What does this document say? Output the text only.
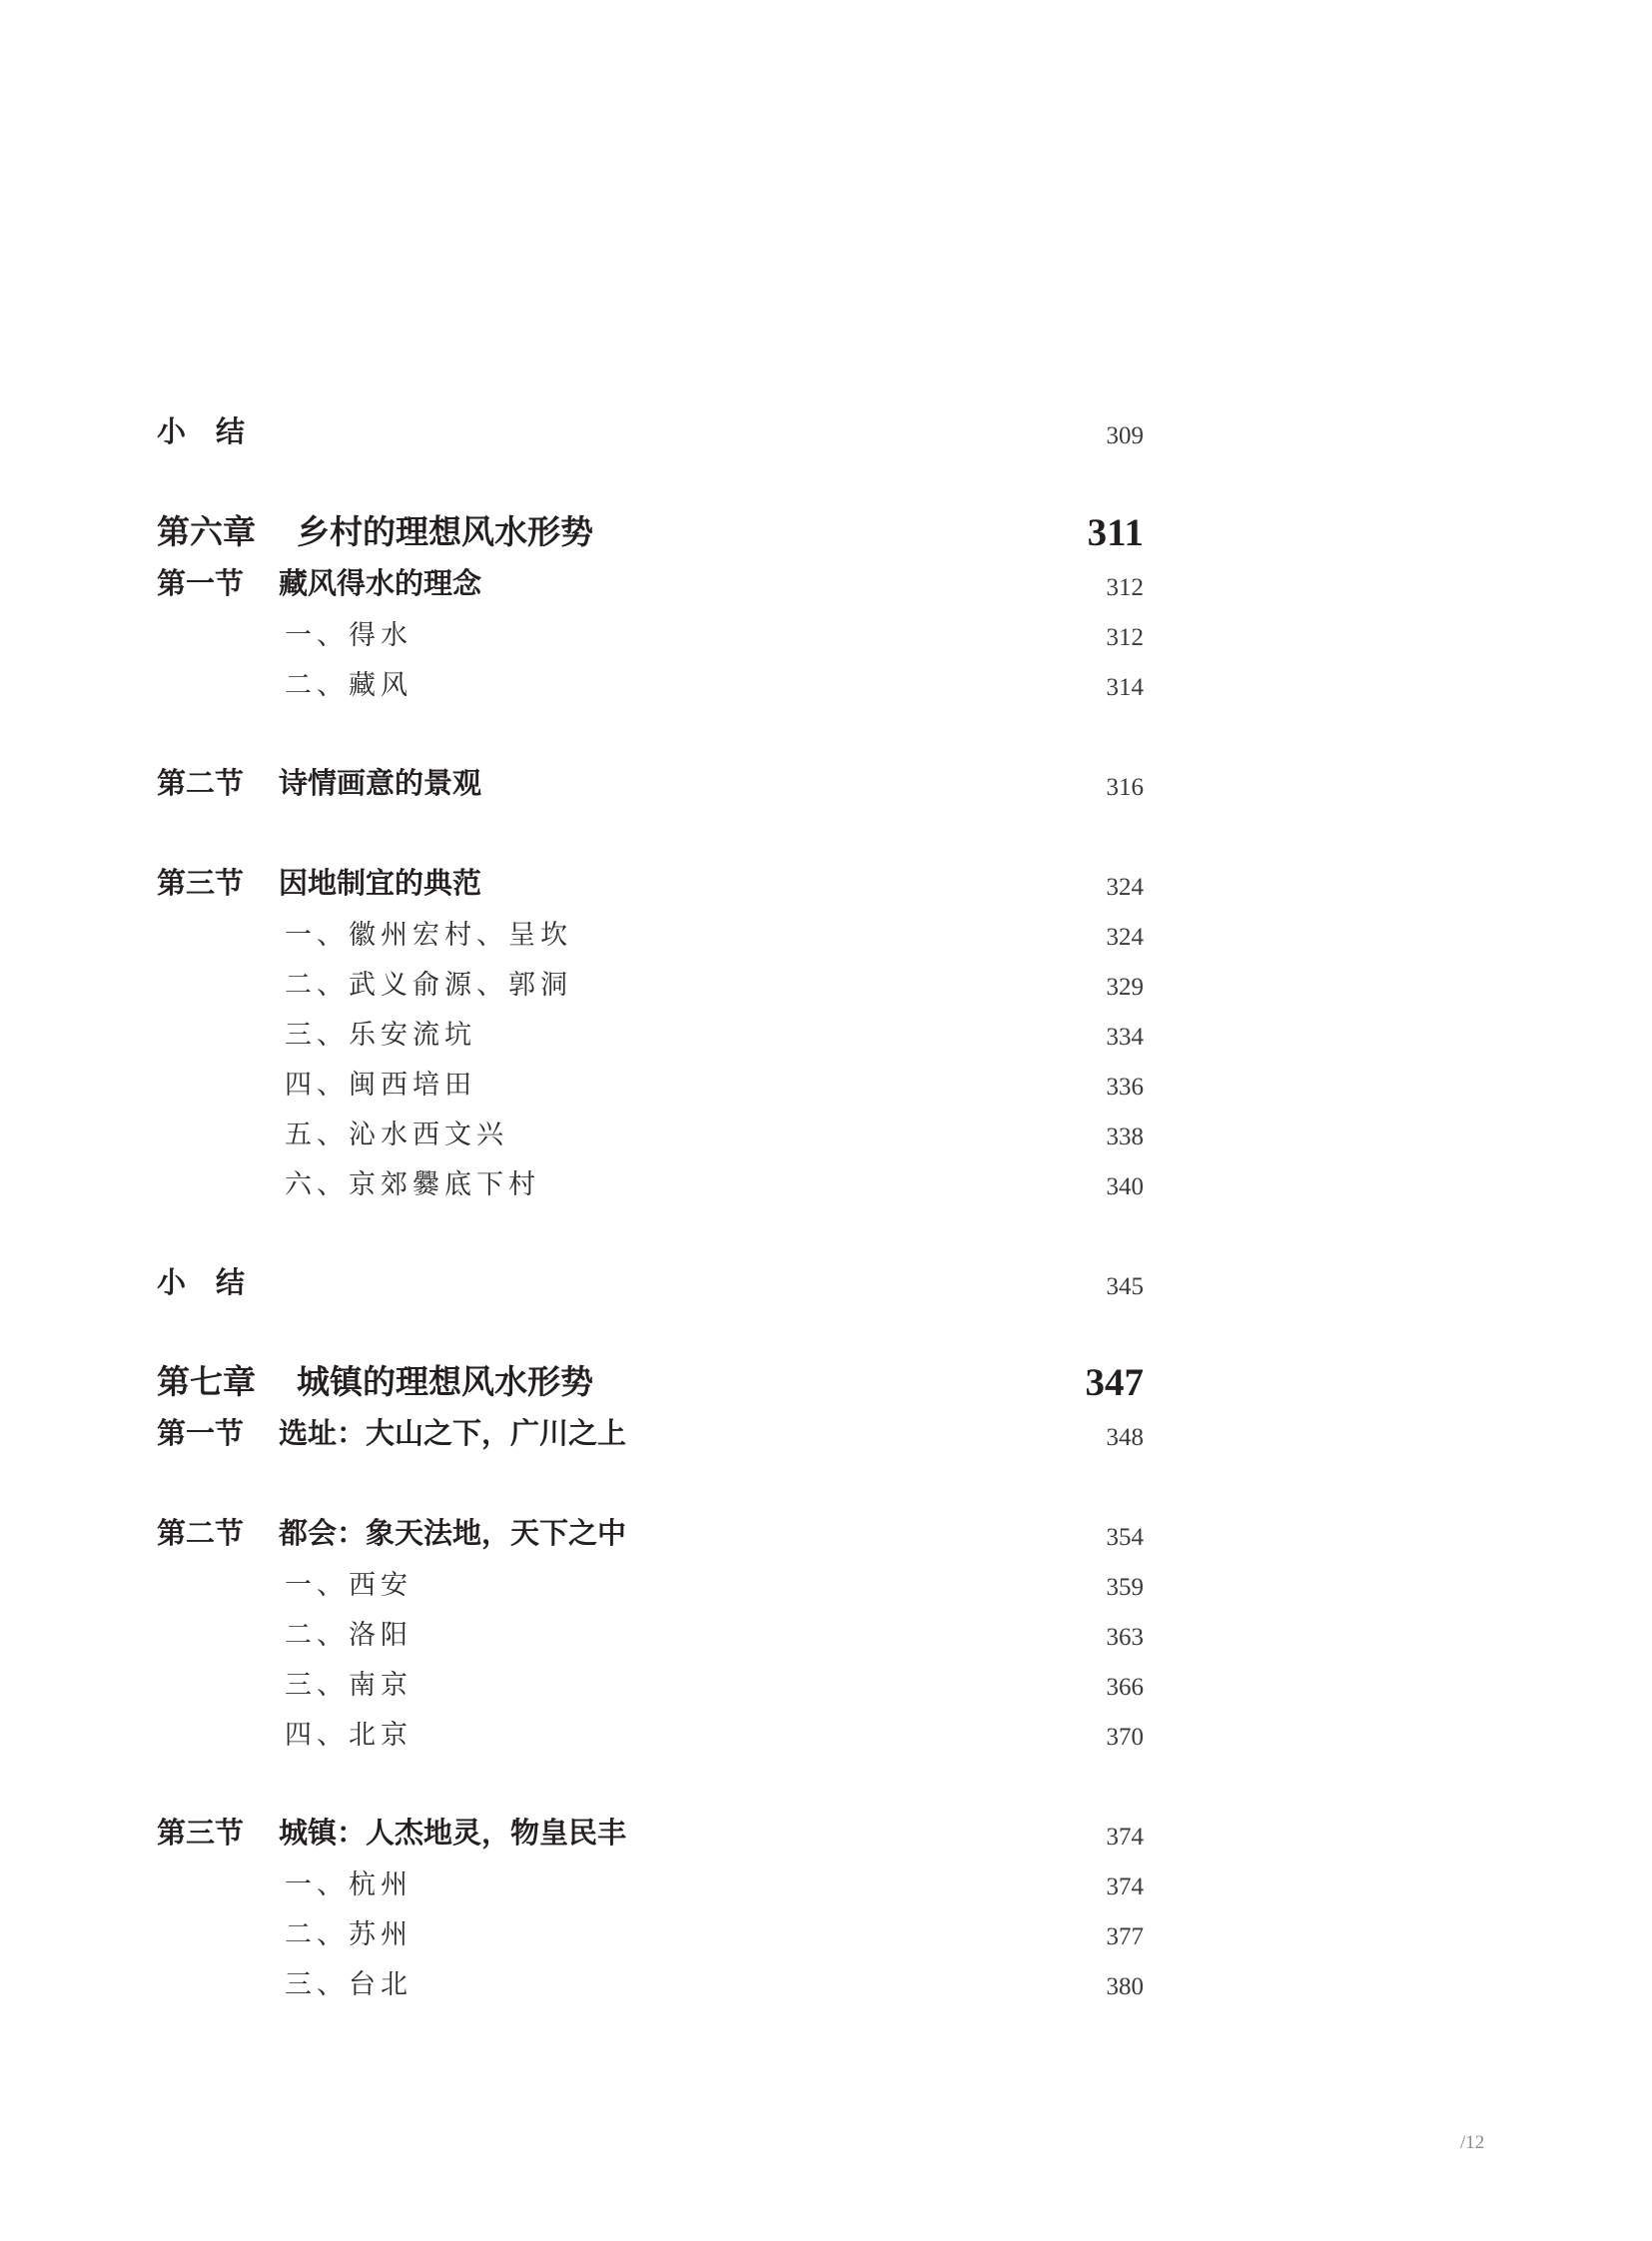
小结	309
第六章 乡村的理想风水形势	311
第一节 藏风得水的理念	312
一、得水	312
二、藏风	314
第二节 诗情画意的景观	316
第三节 因地制宜的典范	324
一、徽州宏村、呈坎	324
二、武义俞源、郭洞	329
三、乐安流坑	334
四、闽西培田	336
五、沁水西文兴	338
六、京郊爨底下村	340
小结	345
第七章 城镇的理想风水形势	347
第一节 选址：大山之下，广川之上	348
第二节 都会：象天法地，天下之中	354
一、西安	359
二、洛阳	363
三、南京	366
四、北京	370
第三节 城镇：人杰地灵，物皇民丰	374
一、杭州	374
二、苏州	377
三、台北	380
/12
